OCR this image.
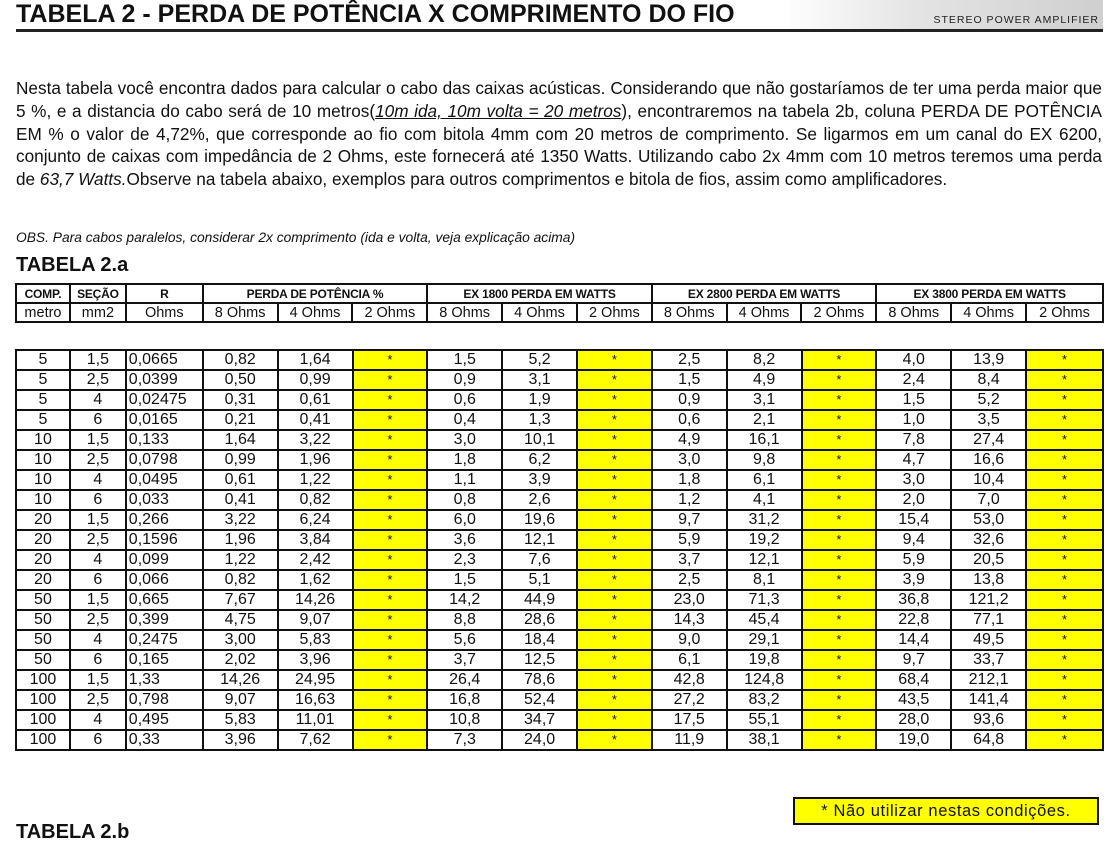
TABELA 2 - PERDA DE POTÊNCIA X COMPRIMENTO DO FIO	STEREO POWER AMPLIFIER
Nesta tabela você encontra dados para calcular o cabo das caixas acústicas. Considerando que não gostaríamos de ter uma perda maior que 5 %, e a distancia do cabo será de 10 metros(10m ida, 10m volta = 20 metros), encontraremos na tabela 2b, coluna PERDA DE POTÊNCIA EM % o valor de 4,72%, que corresponde ao fio com bitola 4mm com 20 metros de comprimento. Se ligarmos em um canal do EX 6200, conjunto de caixas com impedância de 2 Ohms, este fornecerá até 1350 Watts. Utilizando cabo 2x 4mm com 10 metros teremos uma perda de 63,7 Watts.Observe na tabela abaixo, exemplos para outros comprimentos e bitola de fios, assim como amplificadores.
OBS. Para cabos paralelos, considerar 2x comprimento (ida e volta, veja explicação acima)
TABELA 2.a
COMP.	SEÇÃO	R	PERDA DE POTÊNCIA %			EX 1800 PERDA EM WATTS			EX 2800 PERDA EM WATTS			EX 3800 PERDA EM WATTS		
metro	mm2	Ohms	8 Ohms	4 Ohms	2 Ohms	8 Ohms	4 Ohms	2 Ohms	8 Ohms	4 Ohms	2 Ohms	8 Ohms	4 Ohms	2 Ohms
5	1,5	0,0665	0,82	1,64	*	1,5	5,2	*	2,5	8,2	*	4,0	13,9	*
5	2,5	0,0399	0,50	0,99	*	0,9	3,1	*	1,5	4,9	*	2,4	8,4	*
5	4	0,02475	0,31	0,61	*	0,6	1,9	*	0,9	3,1	*	1,5	5,2	*
5	6	0,0165	0,21	0,41	*	0,4	1,3	*	0,6	2,1	*	1,0	3,5	*
10	1,5	0,133	1,64	3,22	*	3,0	10,1	*	4,9	16,1	*	7,8	27,4	*
10	2,5	0,0798	0,99	1,96	*	1,8	6,2	*	3,0	9,8	*	4,7	16,6	*
10	4	0,0495	0,61	1,22	*	1,1	3,9	*	1,8	6,1	*	3,0	10,4	*
10	6	0,033	0,41	0,82	*	0,8	2,6	*	1,2	4,1	*	2,0	7,0	*
20	1,5	0,266	3,22	6,24	*	6,0	19,6	*	9,7	31,2	*	15,4	53,0	*
20	2,5	0,1596	1,96	3,84	*	3,6	12,1	*	5,9	19,2	*	9,4	32,6	*
20	4	0,099	1,22	2,42	*	2,3	7,6	*	3,7	12,1	*	5,9	20,5	*
20	6	0,066	0,82	1,62	*	1,5	5,1	*	2,5	8,1	*	3,9	13,8	*
50	1,5	0,665	7,67	14,26	*	14,2	44,9	*	23,0	71,3	*	36,8	121,2	*
50	2,5	0,399	4,75	9,07	*	8,8	28,6	*	14,3	45,4	*	22,8	77,1	*
50	4	0,2475	3,00	5,83	*	5,6	18,4	*	9,0	29,1	*	14,4	49,5	*
50	6	0,165	2,02	3,96	*	3,7	12,5	*	6,1	19,8	*	9,7	33,7	*
100	1,5	1,33	14,26	24,95	*	26,4	78,6	*	42,8	124,8	*	68,4	212,1	*
100	2,5	0,798	9,07	16,63	*	16,8	52,4	*	27,2	83,2	*	43,5	141,4	*
100	4	0,495	5,83	11,01	*	10,8	34,7	*	17,5	55,1	*	28,0	93,6	*
100	6	0,33	3,96	7,62	*	7,3	24,0	*	11,9	38,1	*	19,0	64,8	*
* Não utilizar nestas condições.
TABELA 2.b
